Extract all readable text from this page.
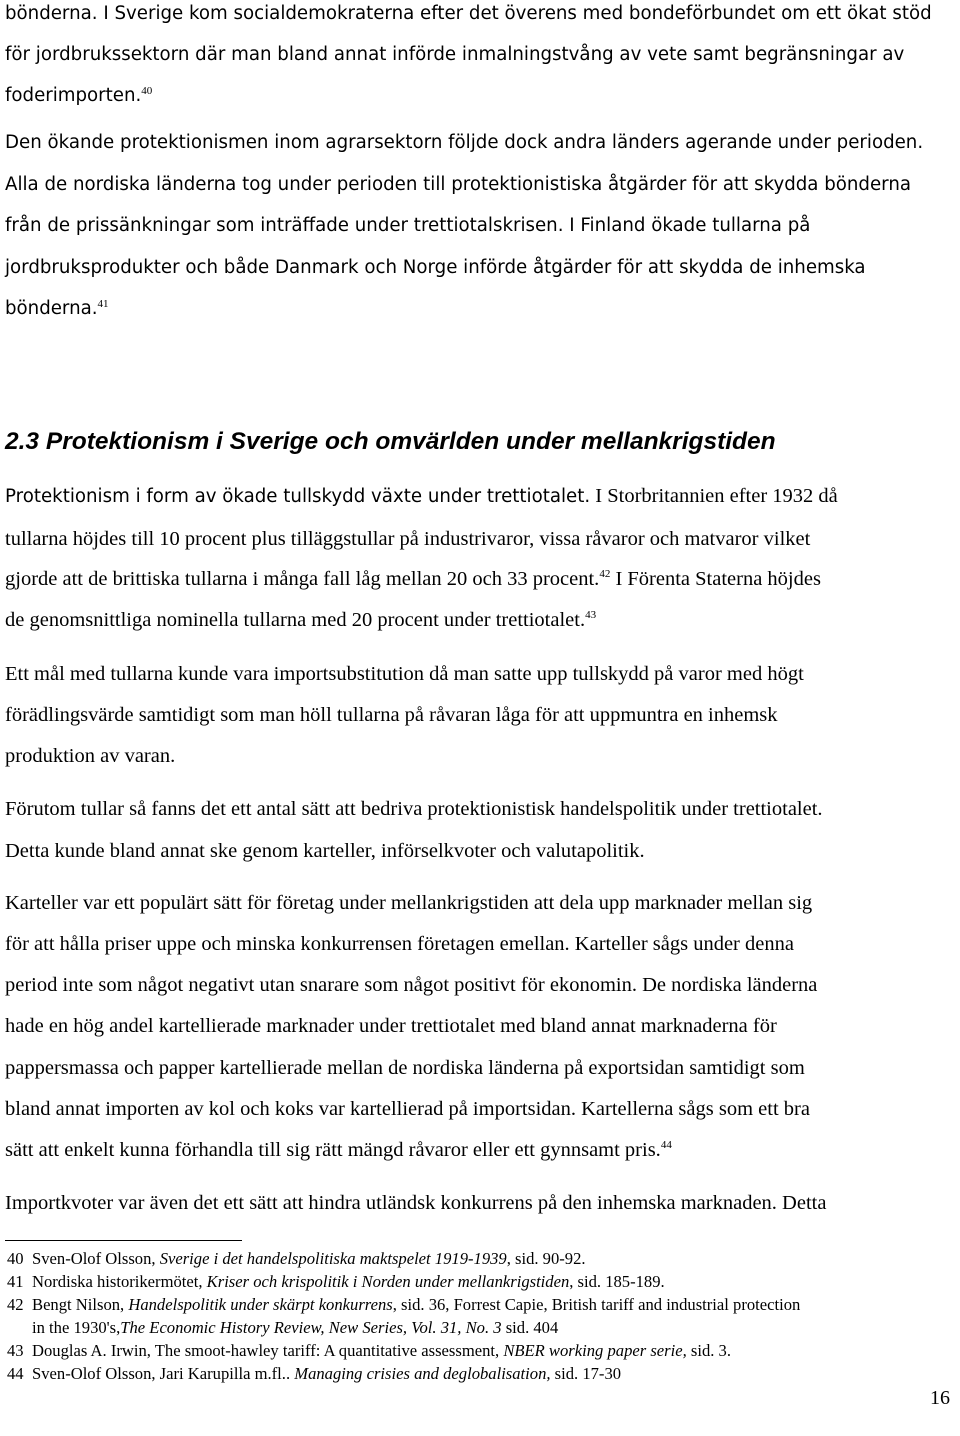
bönderna. I Sverige kom socialdemokraterna efter det överens med bondeförbundet om ett ökat stöd
för jordbrukssektorn där man bland annat införde inmalningstvång av vete samt begränsningar av
foderimporten.$^{40}$
Den ökande protektionismen inom agrarsektorn följde dock andra länders agerande under perioden.
Alla de nordiska länderna tog under perioden till protektionistiska åtgärder för att skydda bönderna
från de prissänkningar som inträffade under trettiotalskrisen. I Finland ökade tullarna på
jordbruksprodukter och både Danmark och Norge införde åtgärder för att skydda de inhemska
bönderna.$^{41}$
2.3 Protektionism i Sverige och omvärlden under mellankrigstiden
Protektionism i form av ökade tullskydd växte under trettiotalet. I Storbritannien efter 1932 då
tullarna höjdes till 10 procent plus tilläggstullar på industrivaror, vissa råvaror och matvaror vilket
gjorde att de brittiska tullarna i många fall låg mellan 20 och 33 procent.$^{42}$ I Förenta Staterna höjdes
de genomsnittliga nominella tullarna med 20 procent under trettiotalet.$^{43}$
Ett mål med tullarna kunde vara importsubstitution då man satte upp tullskydd på varor med högt
förädlingsvärde samtidigt som man höll tullarna på råvaran låga för att uppmuntra en inhemsk
produktion av varan.
Förutom tullar så fanns det ett antal sätt att bedriva protektionistisk handelspolitik under trettiotalet.
Detta kunde bland annat ske genom karteller, införselkvoter och valutapolitik.
Karteller var ett populärt sätt för företag under mellankrigstiden att dela upp marknader mellan sig
för att hålla priser uppe och minska konkurrensen företagen emellan. Karteller sågs under denna
period inte som något negativt utan snarare som något positivt för ekonomin. De nordiska länderna
hade en hög andel kartellierade marknader under trettiotalet med bland annat marknaderna för
pappersmassa och papper kartellierade mellan de nordiska länderna på exportsidan samtidigt som
bland annat importen av kol och koks var kartellierad på importsidan. Kartellerna sågs som ett bra
sätt att enkelt kunna förhandla till sig rätt mängd råvaror eller ett gynnsamt pris.$^{44}$
Importkvoter var även det ett sätt att hindra utländsk konkurrens på den inhemska marknaden. Detta
40 Sven-Olof Olsson, Sverige i det handelspolitiska maktspelet 1919-1939, sid. 90-92.
41 Nordiska historikermötet, Kriser och krispolitik i Norden under mellankrigstiden, sid. 185-189.
42 Bengt Nilson, Handelspolitik under skärpt konkurrens, sid. 36, Forrest Capie, British tariff and industrial protection
in the 1930's,The Economic History Review, New Series, Vol. 31, No. 3 sid. 404
43 Douglas A. Irwin, The smoot-hawley tariff: A quantitative assessment, NBER working paper serie, sid. 3.
44 Sven-Olof Olsson, Jari Karupilla m.fl.. Managing crisies and deglobalisation, sid. 17-30
16
